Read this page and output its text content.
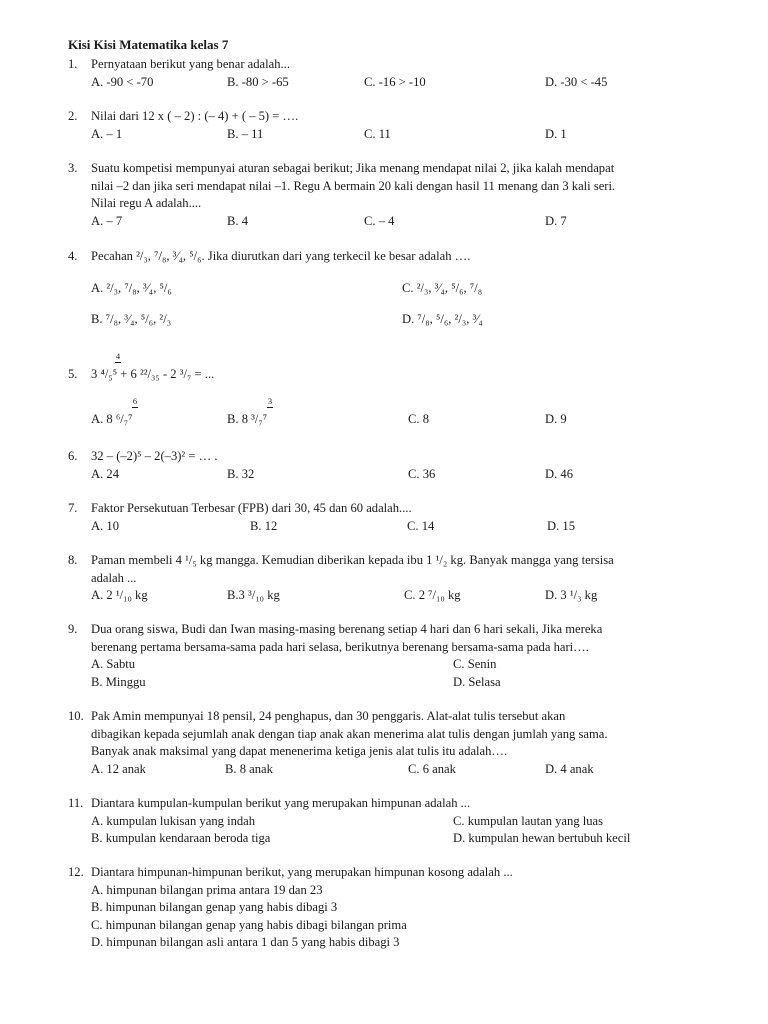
Kisi Kisi Matematika kelas 7
1. Pernyataan berikut yang benar adalah...
A. -90 < -70	B. -80 > -65	C. -16 > -10	D. -30 < -45
2. Nilai dari 12 x ( – 2) : (– 4) + ( – 5) = ….
A. – 1	B. – 11	C. 11	D. 1
3. Suatu kompetisi mempunyai aturan sebagai berikut; Jika menang mendapat nilai 2, jika kalah mendapat
nilai –2 dan jika seri mendapat nilai –1. Regu A bermain 20 kali dengan hasil 11 menang dan 3 kali seri.
Nilai regu A adalah....
A. – 7	B. 4	C. – 4	D. 7
4. Pecahan ²/₃, ⁷/₈, ³⁄₄, ⁵/₆. Jika diurutkan dari yang terkecil ke besar adalah ….
A. ²/₃, ⁷/₈, ³⁄₄, ⁵/₆	C. ²/₃, ³⁄₄, ⁵/₆, ⁷/₈
B. ⁷/₈, ³⁄₄, ⁵/₆, ²/₃	D. ⁷/₈, ⁵/₆, ²/₃, ³⁄₄
4
5. 3 ⁴/₅⁵ + 6 ²²/₃₅ - 2 ³/₇ = ...
6	3
A. 8 ⁶/₇⁷	B. 8 ³/₇⁷	C. 8	D. 9
6. 32 – (–2)⁵ – 2(–3)² = … .
A. 24	B. 32	C. 36	D. 46
7. Faktor Persekutuan Terbesar (FPB) dari 30, 45 dan 60 adalah....
A. 10	B. 12	C. 14	D. 15
8. Paman membeli 4 ¹/₅ kg mangga. Kemudian diberikan kepada ibu 1 ¹/₂ kg. Banyak mangga yang tersisa
adalah ...
A. 2 ¹/₁₀ kg	B.3 ³/₁₀ kg	C. 2 ⁷/₁₀ kg	D. 3 ¹/₃ kg
9. Dua orang siswa, Budi dan Iwan masing-masing berenang setiap 4 hari dan 6 hari sekali, Jika mereka
berenang pertama bersama-sama pada hari selasa, berikutnya berenang bersama-sama pada hari….
A. Sabtu	C. Senin
B. Minggu	D. Selasa
10. Pak Amin mempunyai 18 pensil, 24 penghapus, dan 30 penggaris. Alat-alat tulis tersebut akan
dibagikan kepada sejumlah anak dengan tiap anak akan menerima alat tulis dengan jumlah yang sama.
Banyak anak maksimal yang dapat menenerima ketiga jenis alat tulis itu adalah….
A. 12 anak	B. 8 anak	C. 6 anak	D. 4 anak
11. Diantara kumpulan-kumpulan berikut yang merupakan himpunan adalah ...
A. kumpulan lukisan yang indah	C. kumpulan lautan yang luas
B. kumpulan kendaraan beroda tiga	D. kumpulan hewan bertubuh kecil
12. Diantara himpunan-himpunan berikut, yang merupakan himpunan kosong adalah ...
A. himpunan bilangan prima antara 19 dan 23
B. himpunan bilangan genap yang habis dibagi 3
C. himpunan bilangan genap yang habis dibagi bilangan prima
D. himpunan bilangan asli antara 1 dan 5 yang habis dibagi 3
